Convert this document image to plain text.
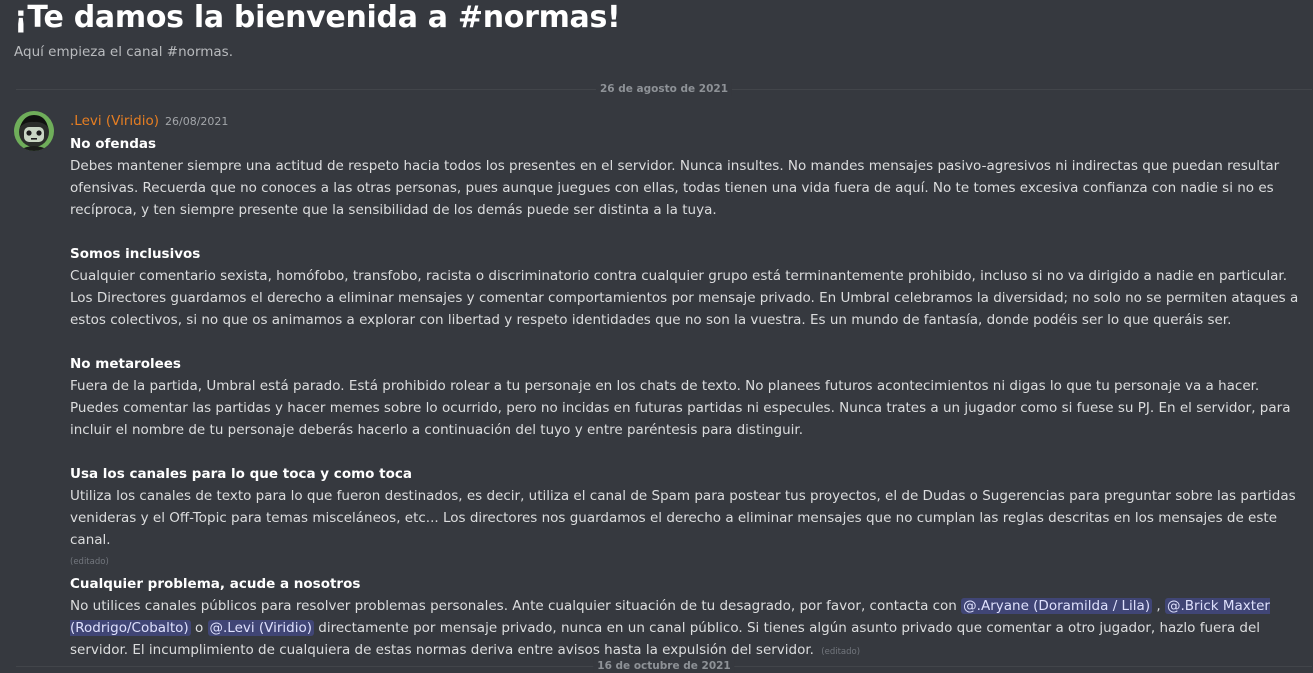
¡Te damos la bienvenida a #normas!
Aquí empieza el canal #normas.
26 de agosto de 2021
.Levi (Viridio) 26/08/2021
No ofendas
Debes mantener siempre una actitud de respeto hacia todos los presentes en el servidor. Nunca insultes. No mandes mensajes pasivo-agresivos ni indirectas que puedan resultar ofensivas. Recuerda que no conoces a las otras personas, pues aunque juegues con ellas, todas tienen una vida fuera de aquí. No te tomes excesiva confianza con nadie si no es recíproca, y ten siempre presente que la sensibilidad de los demás puede ser distinta a la tuya.
Somos inclusivos
Cualquier comentario sexista, homófobo, transfobo, racista o discriminatorio contra cualquier grupo está terminantemente prohibido, incluso si no va dirigido a nadie en particular. Los Directores guardamos el derecho a eliminar mensajes y comentar comportamientos por mensaje privado. En Umbral celebramos la diversidad; no solo no se permiten ataques a estos colectivos, si no que os animamos a explorar con libertad y respeto identidades que no son la vuestra. Es un mundo de fantasía, donde podéis ser lo que queráis ser.
No metarolees
Fuera de la partida, Umbral está parado. Está prohibido rolear a tu personaje en los chats de texto. No planees futuros acontecimientos ni digas lo que tu personaje va a hacer. Puedes comentar las partidas y hacer memes sobre lo ocurrido, pero no incidas en futuras partidas ni especules. Nunca trates a un jugador como si fuese su PJ. En el servidor, para incluir el nombre de tu personaje deberás hacerlo a continuación del tuyo y entre paréntesis para distinguir.
Usa los canales para lo que toca y como toca
Utiliza los canales de texto para lo que fueron destinados, es decir, utiliza el canal de Spam para postear tus proyectos, el de Dudas o Sugerencias para preguntar sobre las partidas venideras y el Off-Topic para temas misceláneos, etc... Los directores nos guardamos el derecho a eliminar mensajes que no cumplan las reglas descritas en los mensajes de este canal.
(editado)
Cualquier problema, acude a nosotros
No utilices canales públicos para resolver problemas personales. Ante cualquier situación de tu desagrado, por favor, contacta con @.Aryane (Doramilda / Lila) , @.Brick Maxter (Rodrigo/Cobalto) o @.Levi (Viridio) directamente por mensaje privado, nunca en un canal público. Si tienes algún asunto privado que comentar a otro jugador, hazlo fuera del servidor. El incumplimiento de cualquiera de estas normas deriva entre avisos hasta la expulsión del servidor. (editado)
16 de octubre de 2021
